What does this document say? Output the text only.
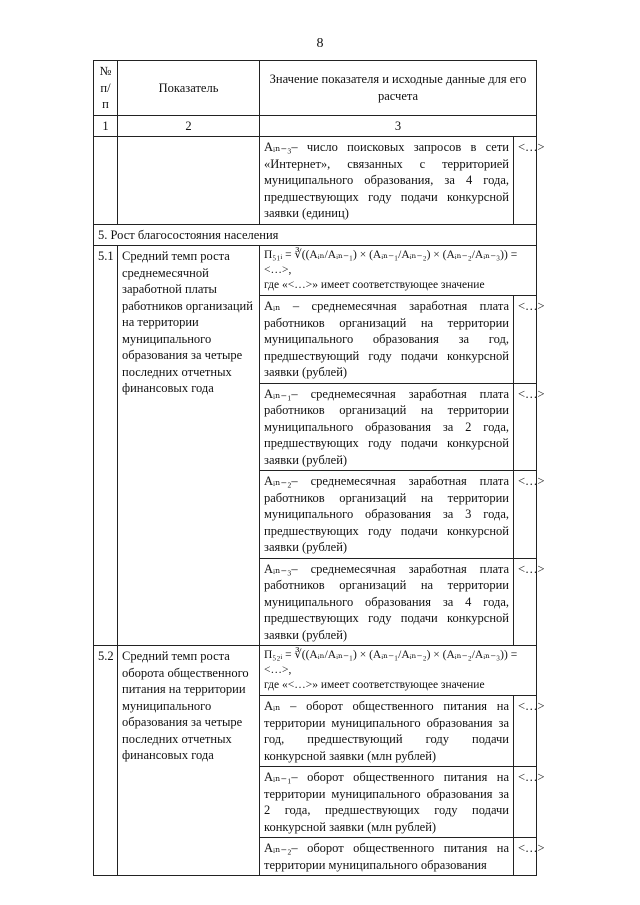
8
№ п/п	Показатель	Значение показателя и исходные данные для его расчета	
1	2	3	
		Aᵢₙ₋₃– число поисковых запросов в сети «Интернет», связанных с территорией муниципального образования, за 4 года, предшествующих году подачи конкурсной заявки (единиц)	<…>
5. Рост благосостояния населения			
5.1	Средний темп роста среднемесячной заработной платы работников организаций на территории муниципального образования за четыре последних отчетных финансовых года	П₅₁ᵢ = ∛((Aᵢₙ/Aᵢₙ₋₁) × (Aᵢₙ₋₁/Aᵢₙ₋₂) × (Aᵢₙ₋₂/Aᵢₙ₋₃)) = <…>,
где «<…>» имеет соответствующее значение	

		Aᵢₙ – среднемесячная заработная плата работников организаций на территории муниципального образования за год, предшествующий году подачи конкурсной заявки (рублей)	<…>
		Aᵢₙ₋₁– среднемесячная заработная плата работников организаций на территории муниципального образования за 2 года, предшествующих году подачи конкурсной заявки (рублей)	<…>
		Aᵢₙ₋₂– среднемесячная заработная плата работников организаций на территории муниципального образования за 3 года, предшествующих году подачи конкурсной заявки (рублей)	<…>
		Aᵢₙ₋₃– среднемесячная заработная плата работников организаций на территории муниципального образования за 4 года, предшествующих году подачи конкурсной заявки (рублей)	<…>
5.2	Средний темп роста оборота общественного питания на территории муниципального образования за четыре последних отчетных финансовых года	П₅₂ᵢ = ∛((Aᵢₙ/Aᵢₙ₋₁) × (Aᵢₙ₋₁/Aᵢₙ₋₂) × (Aᵢₙ₋₂/Aᵢₙ₋₃)) = <…>,
где «<…>» имеет соответствующее значение	

		Aᵢₙ – оборот общественного питания на территории муниципального образования за год, предшествующий году подачи конкурсной заявки (млн рублей)	<…>
		Aᵢₙ₋₁– оборот общественного питания на территории муниципального образования за 2 года, предшествующих году подачи конкурсной заявки (млн рублей)	<…>
		Aᵢₙ₋₂– оборот общественного питания на территории муниципального образования	<…>
